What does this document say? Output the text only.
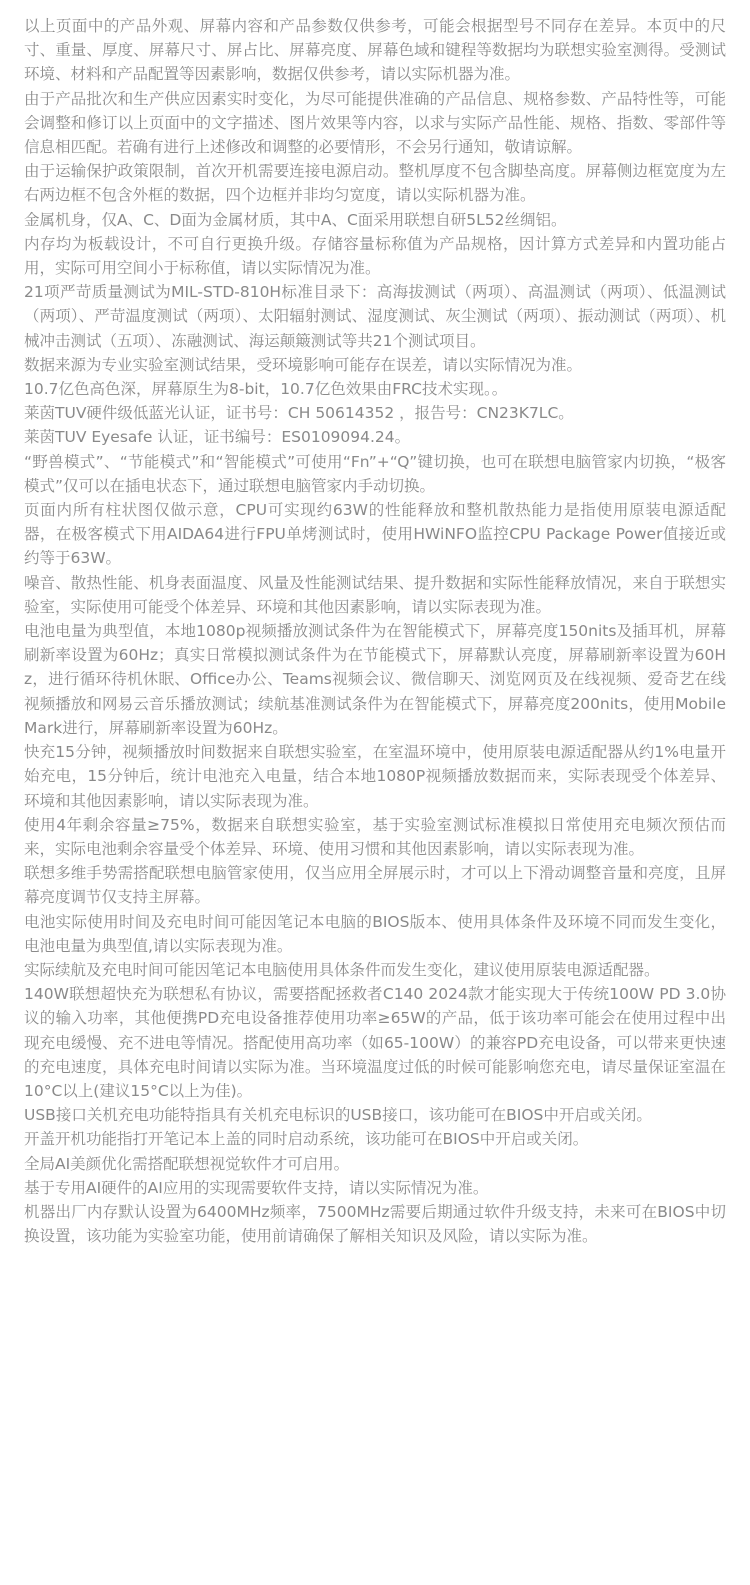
以上页面中的产品外观、屏幕内容和产品参数仅供参考，可能会根据型号不同存在差异。本页中的尺寸、重量、厚度、屏幕尺寸、屏占比、屏幕亮度、屏幕色域和键程等数据均为联想实验室测得。受测试环境、材料和产品配置等因素影响，数据仅供参考，请以实际机器为准。

由于产品批次和生产供应因素实时变化，为尽可能提供准确的产品信息、规格参数、产品特性等，可能会调整和修订以上页面中的文字描述、图片效果等内容，以求与实际产品性能、规格、指数、零部件等信息相匹配。若确有进行上述修改和调整的必要情形，不会另行通知，敬请谅解。

由于运输保护政策限制，首次开机需要连接电源启动。整机厚度不包含脚垫高度。屏幕侧边框宽度为左右两边框不包含外框的数据，四个边框并非均匀宽度，请以实际机器为准。

金属机身，仅A、C、D面为金属材质，其中A、C面采用联想自研5L52丝绸铝。

内存均为板载设计，不可自行更换升级。存储容量标称值为产品规格，因计算方式差异和内置功能占用，实际可用空间小于标称值，请以实际情况为准。

21项严苛质量测试为MIL-STD-810H标准目录下：高海拔测试（两项）、高温测试（两项）、低温测试（两项）、严苛温度测试（两项）、太阳辐射测试、湿度测试、灰尘测试（两项）、振动测试（两项）、机械冲击测试（五项）、冻融测试、海运颠簸测试等共21个测试项目。

数据来源为专业实验室测试结果，受环境影响可能存在误差，请以实际情况为准。

10.7亿色高色深，屏幕原生为8-bit，10.7亿色效果由FRC技术实现。。

莱茵TUV硬件级低蓝光认证，证书号：CH 50614352 ，报告号：CN23K7LC。

莱茵TUV Eyesafe 认证，证书编号：ES0109094.24。

“野兽模式”、“节能模式”和“智能模式”可使用“Fn”+“Q”键切换，也可在联想电脑管家内切换，“极客模式”仅可以在插电状态下，通过联想电脑管家内手动切换。

页面内所有柱状图仅做示意，CPU可实现约63W的性能释放和整机散热能力是指使用原装电源适配器，在极客模式下用AIDA64进行FPU单烤测试时，使用HWiNFO监控CPU Package Power值接近或约等于63W。

噪音、散热性能、机身表面温度、风量及性能测试结果、提升数据和实际性能释放情况，来自于联想实验室，实际使用可能受个体差异、环境和其他因素影响，请以实际表现为准。

电池电量为典型值，本地1080p视频播放测试条件为在智能模式下，屏幕亮度150nits及插耳机，屏幕刷新率设置为60Hz；真实日常模拟测试条件为在节能模式下，屏幕默认亮度，屏幕刷新率设置为60Hz，进行循环待机休眠、Office办公、Teams视频会议、微信聊天、浏览网页及在线视频、爱奇艺在线视频播放和网易云音乐播放测试；续航基准测试条件为在智能模式下，屏幕亮度200nits，使用MobileMark进行，屏幕刷新率设置为60Hz。

快充15分钟，视频播放时间数据来自联想实验室，在室温环境中，使用原装电源适配器从约1%电量开始充电，15分钟后，统计电池充入电量，结合本地1080P视频播放数据而来，实际表现受个体差异、环境和其他因素影响，请以实际表现为准。

使用4年剩余容量≥75%，数据来自联想实验室，基于实验室测试标准模拟日常使用充电频次预估而来，实际电池剩余容量受个体差异、环境、使用习惯和其他因素影响，请以实际表现为准。

联想多维手势需搭配联想电脑管家使用，仅当应用全屏展示时，才可以上下滑动调整音量和亮度，且屏幕亮度调节仅支持主屏幕。

电池实际使用时间及充电时间可能因笔记本电脑的BIOS版本、使用具体条件及环境不同而发生变化，电池电量为典型值,请以实际表现为准。

实际续航及充电时间可能因笔记本电脑使用具体条件而发生变化，建议使用原装电源适配器。

140W联想超快充为联想私有协议，需要搭配拯救者C140 2024款才能实现大于传统100W PD 3.0协议的输入功率，其他便携PD充电设备推荐使用功率≥65W的产品，低于该功率可能会在使用过程中出现充电缓慢、充不进电等情况。搭配使用高功率（如65-100W）的兼容PD充电设备，可以带来更快速的充电速度，具体充电时间请以实际为准。当环境温度过低的时候可能影响您充电，请尽量保证室温在10°C以上(建议15°C以上为佳)。

USB接口关机充电功能特指具有关机充电标识的USB接口，该功能可在BIOS中开启或关闭。

开盖开机功能指打开笔记本上盖的同时启动系统，该功能可在BIOS中开启或关闭。

全局AI美颜优化需搭配联想视觉软件才可启用。

基于专用AI硬件的AI应用的实现需要软件支持，请以实际情况为准。

机器出厂内存默认设置为6400MHz频率，7500MHz需要后期通过软件升级支持，未来可在BIOS中切换设置，该功能为实验室功能，使用前请确保了解相关知识及风险，请以实际为准。
